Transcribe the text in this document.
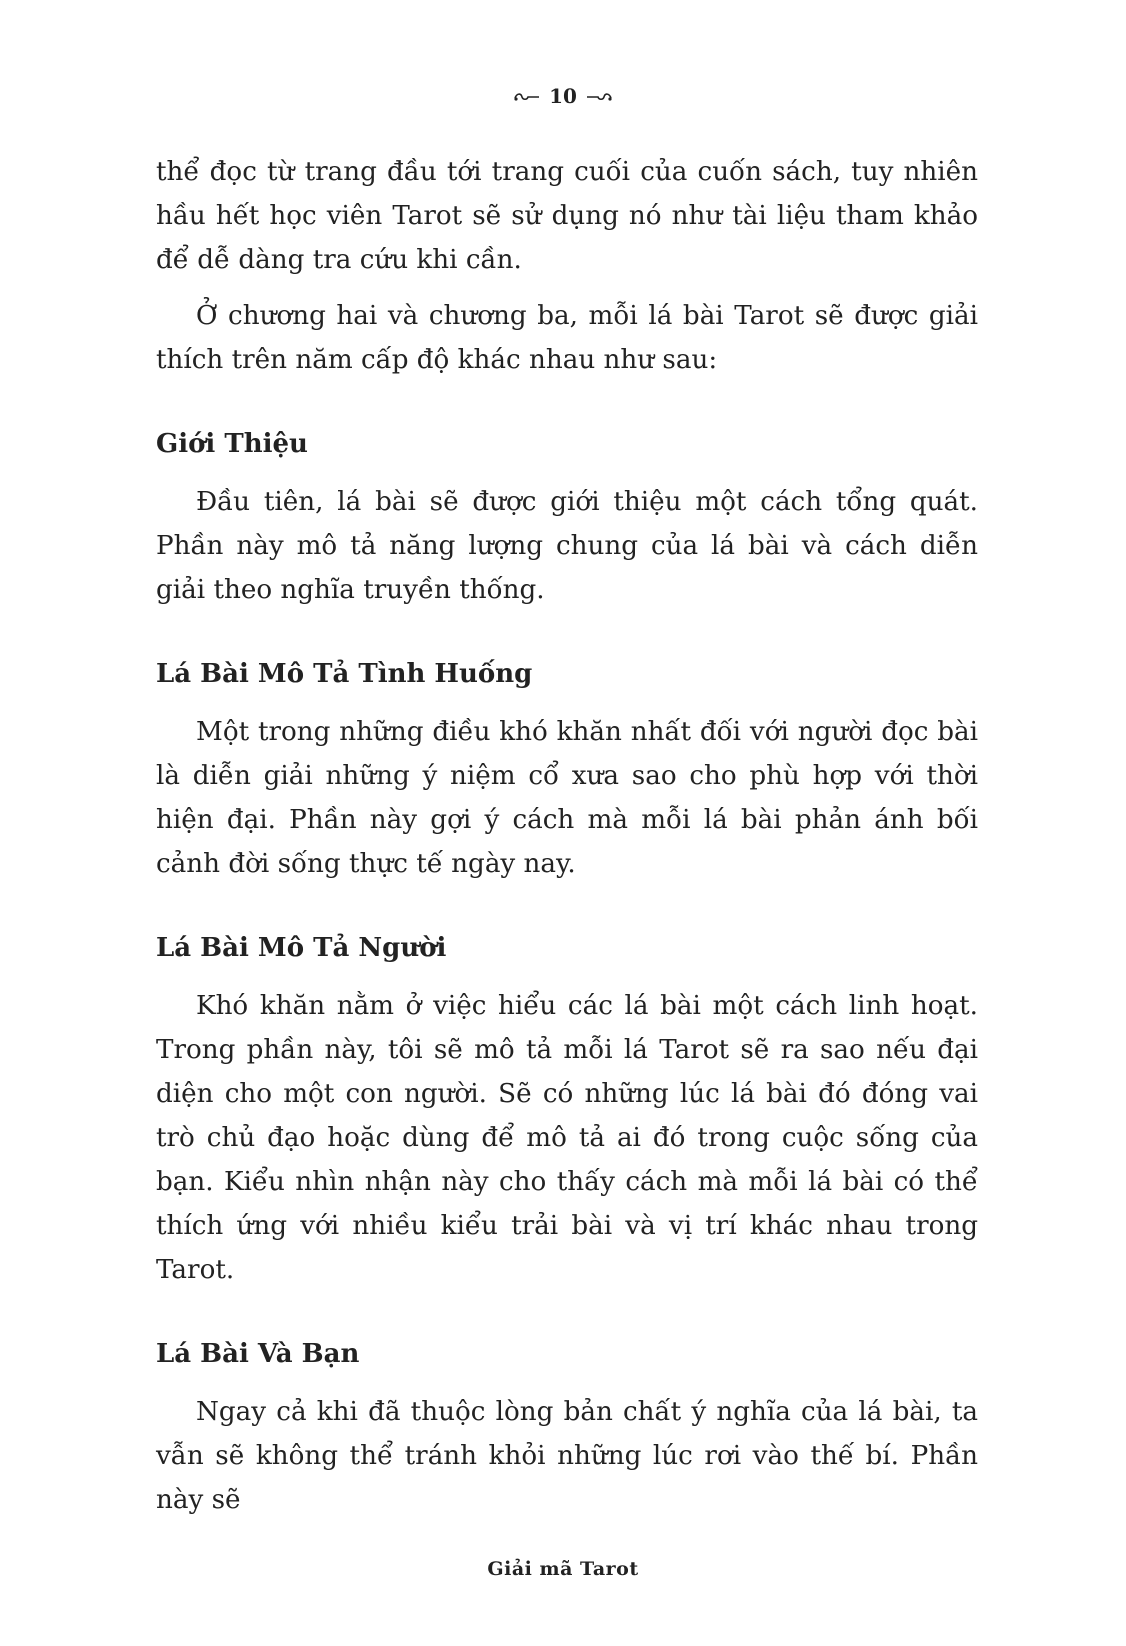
10

thể đọc từ trang đầu tới trang cuối của cuốn sách, tuy nhiên hầu hết học viên Tarot sẽ sử dụng nó như tài liệu tham khảo để dễ dàng tra cứu khi cần.

Ở chương hai và chương ba, mỗi lá bài Tarot sẽ được giải thích trên năm cấp độ khác nhau như sau:

Giới Thiệu

Đầu tiên, lá bài sẽ được giới thiệu một cách tổng quát. Phần này mô tả năng lượng chung của lá bài và cách diễn giải theo nghĩa truyền thống.

Lá Bài Mô Tả Tình Huống

Một trong những điều khó khăn nhất đối với người đọc bài là diễn giải những ý niệm cổ xưa sao cho phù hợp với thời hiện đại. Phần này gợi ý cách mà mỗi lá bài phản ánh bối cảnh đời sống thực tế ngày nay.

Lá Bài Mô Tả Người

Khó khăn nằm ở việc hiểu các lá bài một cách linh hoạt. Trong phần này, tôi sẽ mô tả mỗi lá Tarot sẽ ra sao nếu đại diện cho một con người. Sẽ có những lúc lá bài đó đóng vai trò chủ đạo hoặc dùng để mô tả ai đó trong cuộc sống của bạn. Kiểu nhìn nhận này cho thấy cách mà mỗi lá bài có thể thích ứng với nhiều kiểu trải bài và vị trí khác nhau trong Tarot.

Lá Bài Và Bạn

Ngay cả khi đã thuộc lòng bản chất ý nghĩa của lá bài, ta vẫn sẽ không thể tránh khỏi những lúc rơi vào thế bí. Phần này sẽ

Giải mã Tarot
